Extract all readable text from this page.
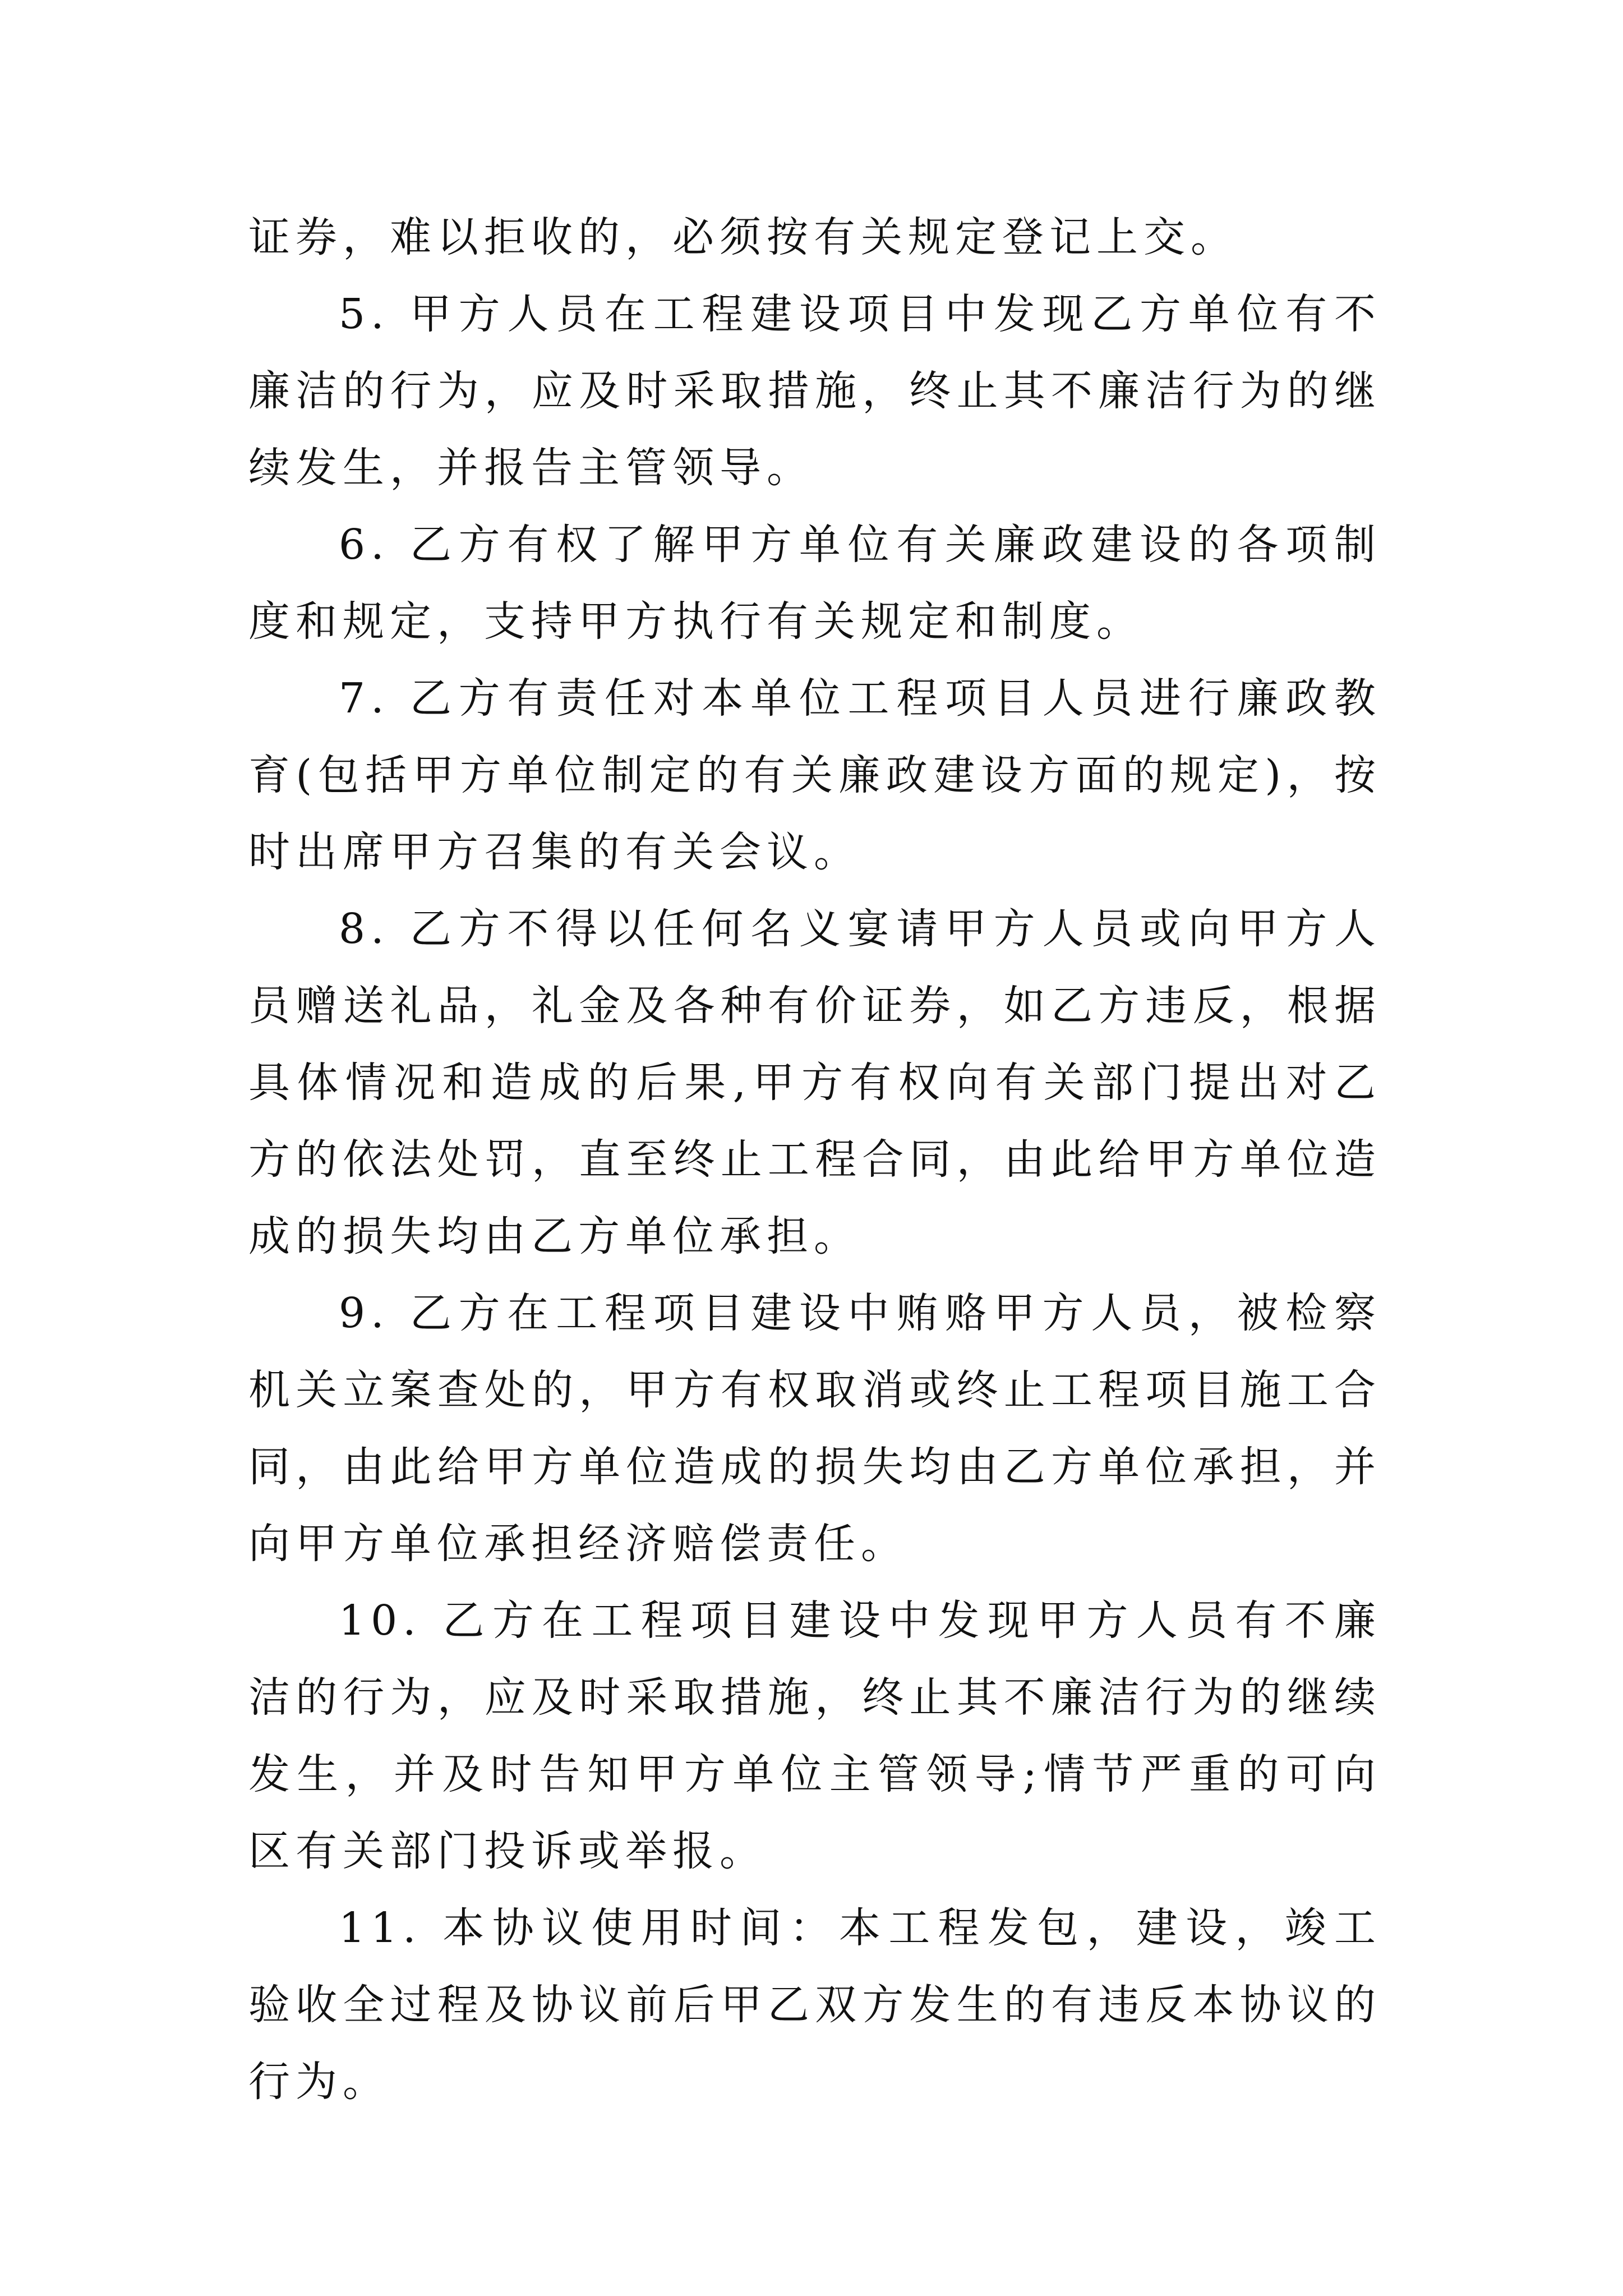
证券，难以拒收的，必须按有关规定登记上交。

5. 甲方人员在工程建设项目中发现乙方单位有不廉洁的行为，应及时采取措施，终止其不廉洁行为的继续发生，并报告主管领导。

6. 乙方有权了解甲方单位有关廉政建设的各项制度和规定，支持甲方执行有关规定和制度。

7. 乙方有责任对本单位工程项目人员进行廉政教育(包括甲方单位制定的有关廉政建设方面的规定)，按时出席甲方召集的有关会议。

8. 乙方不得以任何名义宴请甲方人员或向甲方人员赠送礼品，礼金及各种有价证券，如乙方违反，根据具体情况和造成的后果,甲方有权向有关部门提出对乙方的依法处罚，直至终止工程合同，由此给甲方单位造成的损失均由乙方单位承担。

9. 乙方在工程项目建设中贿赂甲方人员，被检察机关立案查处的，甲方有权取消或终止工程项目施工合同，由此给甲方单位造成的损失均由乙方单位承担，并向甲方单位承担经济赔偿责任。

10. 乙方在工程项目建设中发现甲方人员有不廉洁的行为，应及时采取措施，终止其不廉洁行为的继续发生，并及时告知甲方单位主管领导;情节严重的可向区有关部门投诉或举报。

11. 本协议使用时间：本工程发包，建设，竣工验收全过程及协议前后甲乙双方发生的有违反本协议的行为。
